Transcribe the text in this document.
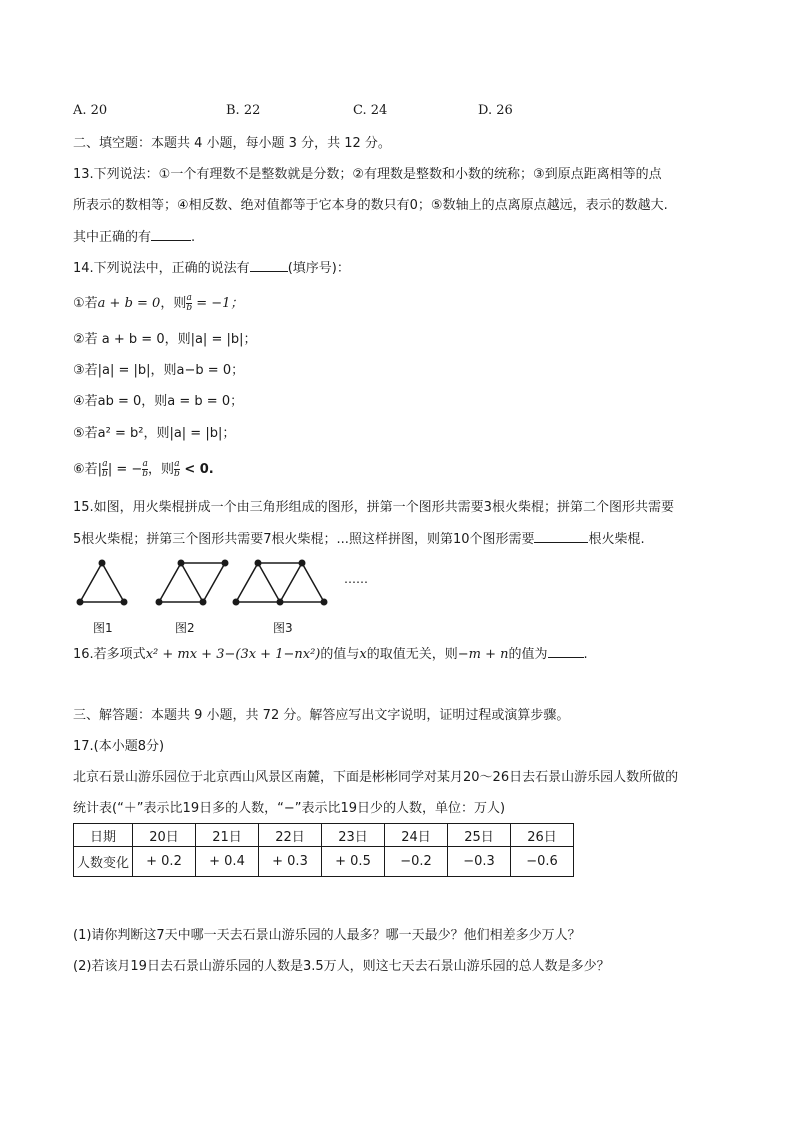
A. 20	B. 22	C. 24	D. 26
二、填空题：本题共 4 小题，每小题 3 分，共 12 分。
13.下列说法：①一个有理数不是整数就是分数；②有理数是整数和小数的统称；③到原点距离相等的点
所表示的数相等；④相反数、绝对值都等于它本身的数只有0；⑤数轴上的点离原点越远，表示的数越大.
其中正确的有	.
14.下列说法中，正确的说法有	(填序号)：
①若a + b = 0，则 $\frac{a}{b} = -1$；
②若 a + b = 0，则|a| = |b|；
③若|a| = |b|，则a−b = 0；
④若ab = 0，则a = b = 0；
⑤若a² = b²，则|a| = |b|；
⑥若| $\frac{a}{b}$ | = − $\frac{a}{b}$ ，则 $\frac{a}{b} < 0$.
15.如图，用火柴棍拼成一个由三角形组成的图形，拼第一个图形共需要3根火柴棍；拼第二个图形共需要
5根火柴棍；拼第三个图形共需要7根火柴棍；...照这样拼图，则第10个图形需要	根火柴棍.
……
图1	图2	图3
16.若多项式x² + mx + 3−(3x + 1−nx²)的值与x的取值无关，则−m + n的值为	.
三、解答题：本题共 9 小题，共 72 分。解答应写出文字说明，证明过程或演算步骤。
17.(本小题8分)
北京石景山游乐园位于北京西山风景区南麓，下面是彬彬同学对某月20～26日去石景山游乐园人数所做的
统计表(“＋”表示比19日多的人数，“−”表示比19日少的人数，单位：万人)
日期	20日	21日	22日	23日	24日	25日	26日
人数变化	+ 0.2	+ 0.4	+ 0.3	+ 0.5	−0.2	−0.3	−0.6
(1)请你判断这7天中哪一天去石景山游乐园的人最多？哪一天最少？他们相差多少万人？
(2)若该月19日去石景山游乐园的人数是3.5万人，则这七天去石景山游乐园的总人数是多少？
